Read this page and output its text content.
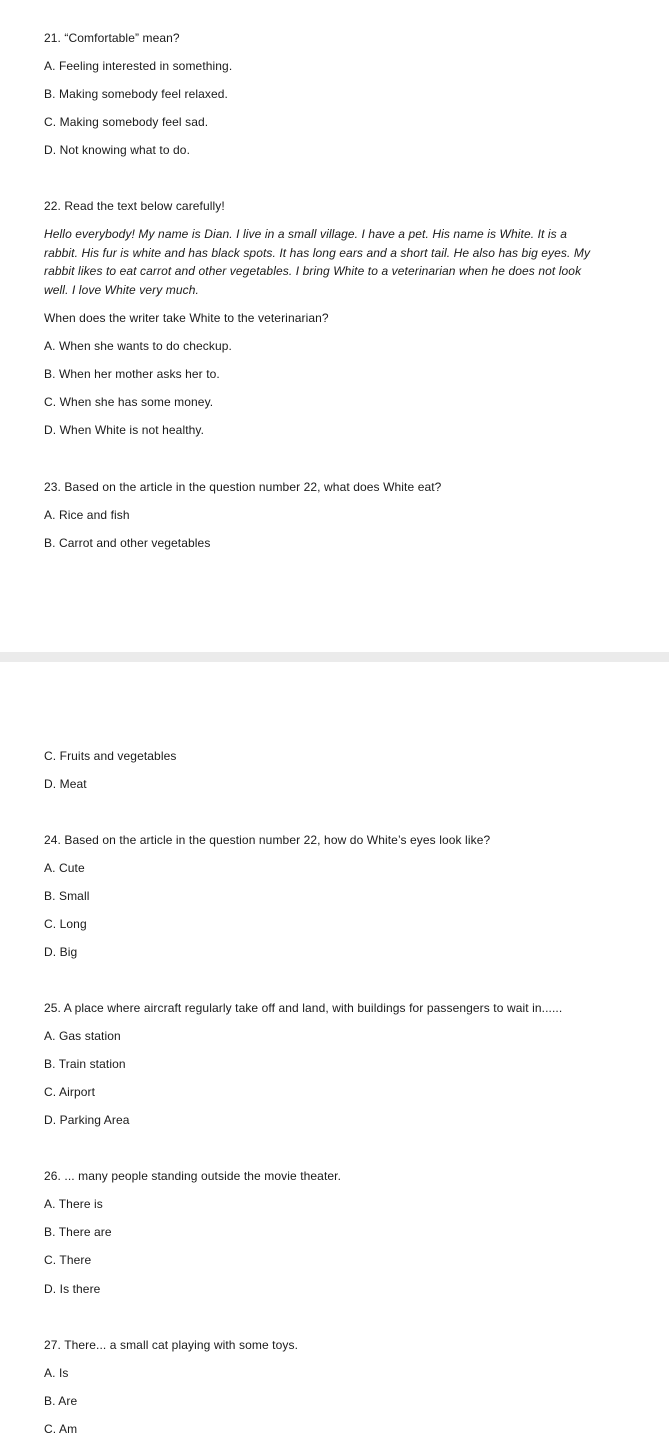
21. “Comfortable” mean?

A. Feeling interested in something.

B. Making somebody feel relaxed.

C. Making somebody feel sad.

D. Not knowing what to do.

22. Read the text below carefully!

Hello everybody! My name is Dian. I live in a small village. I have a pet. His name is White. It is a rabbit. His fur is white and has black spots. It has long ears and a short tail. He also has big eyes. My rabbit likes to eat carrot and other vegetables. I bring White to a veterinarian when he does not look well. I love White very much.

When does the writer take White to the veterinarian?

A. When she wants to do checkup.

B. When her mother asks her to.

C. When she has some money.

D. When White is not healthy.

23. Based on the article in the question number 22, what does White eat?

A. Rice and fish

B. Carrot and other vegetables

C. Fruits and vegetables

D. Meat

24. Based on the article in the question number 22, how do White’s eyes look like?

A. Cute

B. Small

C. Long

D. Big

25. A place where aircraft regularly take off and land, with buildings for passengers to wait in......

A. Gas station

B. Train station

C. Airport

D. Parking Area

26. ... many people standing outside the movie theater.

A. There is

B. There are

C. There

D. Is there

27. There... a small cat playing with some toys.

A. Is

B. Are

C. Am
